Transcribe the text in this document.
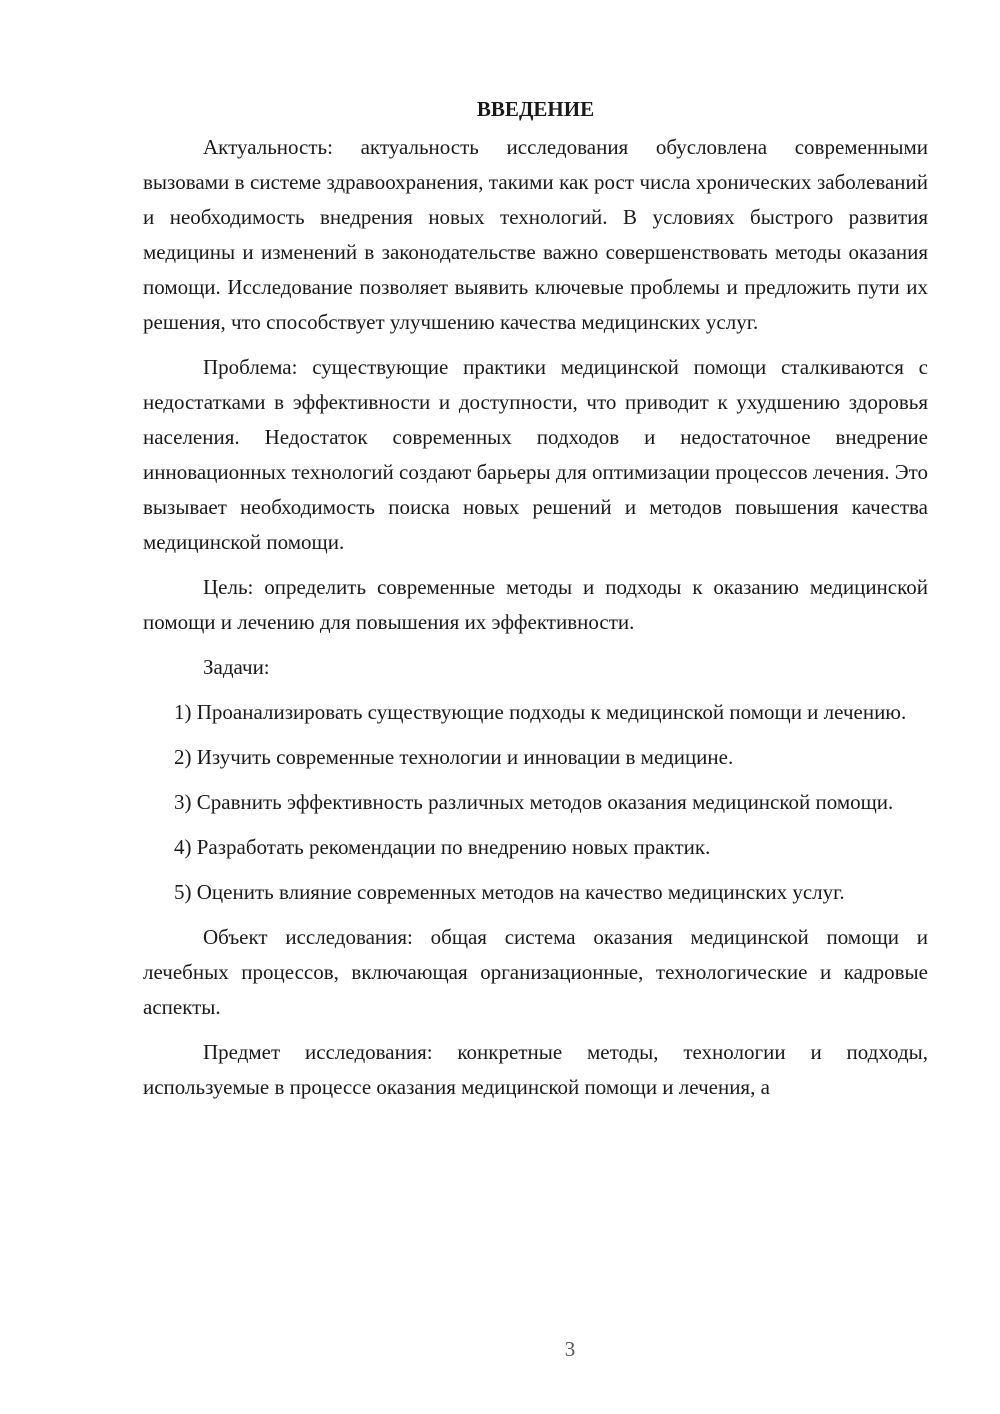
ВВЕДЕНИЕ

Актуальность: актуальность исследования обусловлена современными вызовами в системе здравоохранения, такими как рост числа хронических заболеваний и необходимость внедрения новых технологий. В условиях быстрого развития медицины и изменений в законодательстве важно совершенствовать методы оказания помощи. Исследование позволяет выявить ключевые проблемы и предложить пути их решения, что способствует улучшению качества медицинских услуг.

Проблема: существующие практики медицинской помощи сталкиваются с недостатками в эффективности и доступности, что приводит к ухудшению здоровья населения. Недостаток современных подходов и недостаточное внедрение инновационных технологий создают барьеры для оптимизации процессов лечения. Это вызывает необходимость поиска новых решений и методов повышения качества медицинской помощи.

Цель: определить современные методы и подходы к оказанию медицинской помощи и лечению для повышения их эффективности.

Задачи:

1) Проанализировать существующие подходы к медицинской помощи и лечению.

2) Изучить современные технологии и инновации в медицине.

3) Сравнить эффективность различных методов оказания медицинской помощи.

4) Разработать рекомендации по внедрению новых практик.

5) Оценить влияние современных методов на качество медицинских услуг.

Объект исследования: общая система оказания медицинской помощи и лечебных процессов, включающая организационные, технологические и кадровые аспекты.

Предмет исследования: конкретные методы, технологии и подходы, используемые в процессе оказания медицинской помощи и лечения, а

3
